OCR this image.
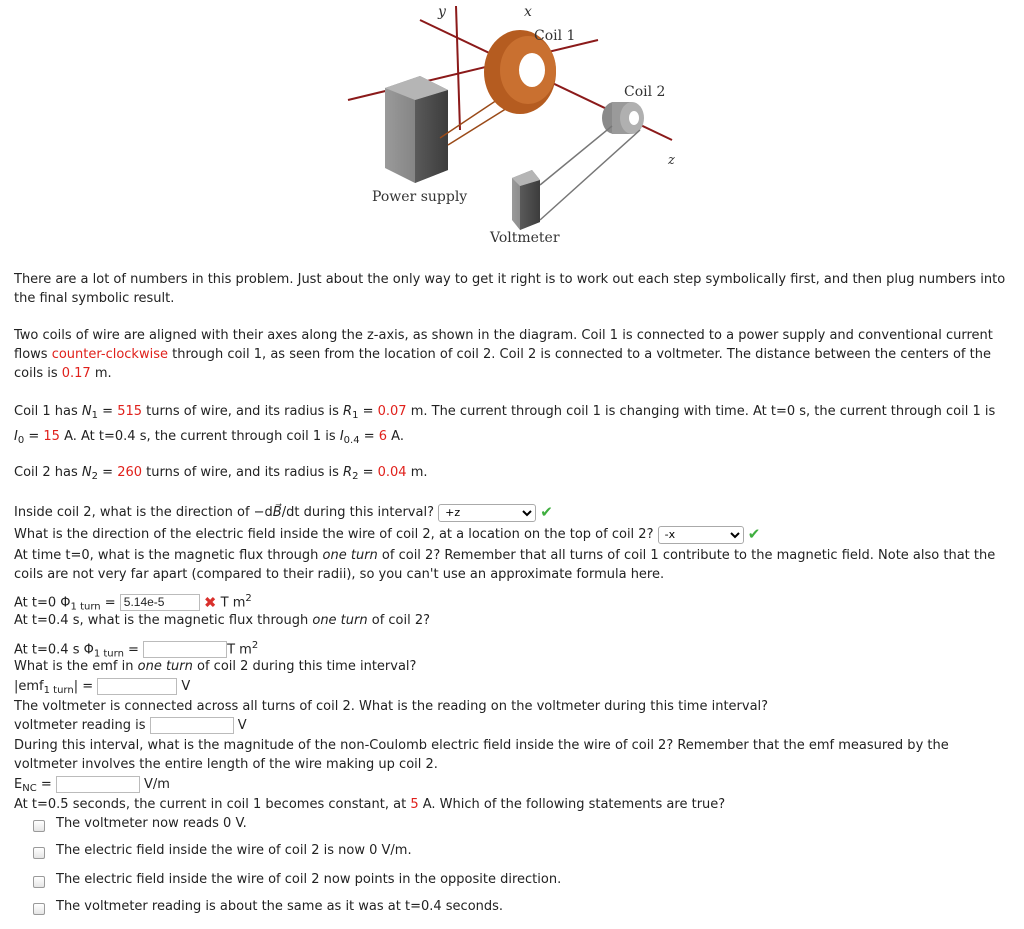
y	x
z
Coil 1
Coil 2
Power supply
Voltmeter

There are a lot of numbers in this problem. Just about the only way to get it right is to work out each step symbolically first, and then plug numbers into the final symbolic result.

Two coils of wire are aligned with their axes along the z-axis, as shown in the diagram. Coil 1 is connected to a power supply and conventional current flows counter-clockwise through coil 1, as seen from the location of coil 2. Coil 2 is connected to a voltmeter. The distance between the centers of the coils is 0.17 m.

Coil 1 has $N_1 = 515$ turns of wire, and its radius is $R_1 = 0.07$ m. The current through coil 1 is changing with time. At t=0 s, the current through coil 1 is
$I_0 = 15$ A. At t=0.4 s, the current through coil 1 is $I_{0.4} = 6$ A.

Coil 2 has $N_2 = 260$ turns of wire, and its radius is $R_2 = 0.04$ m.

Inside coil 2, what is the direction of −dB⃗/dt during this interval?
+z	✔

What is the direction of the electric field inside the wire of coil 2, at a location on the top of coil 2?
-x	✔

At time t=0, what is the magnetic flux through one turn of coil 2? Remember that all turns of coil 1 contribute to the magnetic field. Note also that the coils are not very far apart (compared to their radii), so you can't use an approximate formula here.

At t=0 $\Phi_{1 turn} = 5.14e-5$	✖ T $m^2$

At t=0.4 s, what is the magnetic flux through one turn of coil 2?

At t=0.4 s $\Phi_{1 turn}$ =	T $m^2$

What is the emf in one turn of coil 2 during this time interval?

|emf$_{1 turn}$| =	V

The voltmeter is connected across all turns of coil 2. What is the reading on the voltmeter during this time interval?

voltmeter reading is	V

During this interval, what is the magnitude of the non-Coulomb electric field inside the wire of coil 2? Remember that the emf measured by the voltmeter involves the entire length of the wire making up coil 2.

$E_{NC}$ =	V/m

At t=0.5 seconds, the current in coil 1 becomes constant, at 5 A. Which of the following statements are true?

The voltmeter now reads 0 V.
The electric field inside the wire of coil 2 is now 0 V/m.
The electric field inside the wire of coil 2 now points in the opposite direction.
The voltmeter reading is about the same as it was at t=0.4 seconds.
